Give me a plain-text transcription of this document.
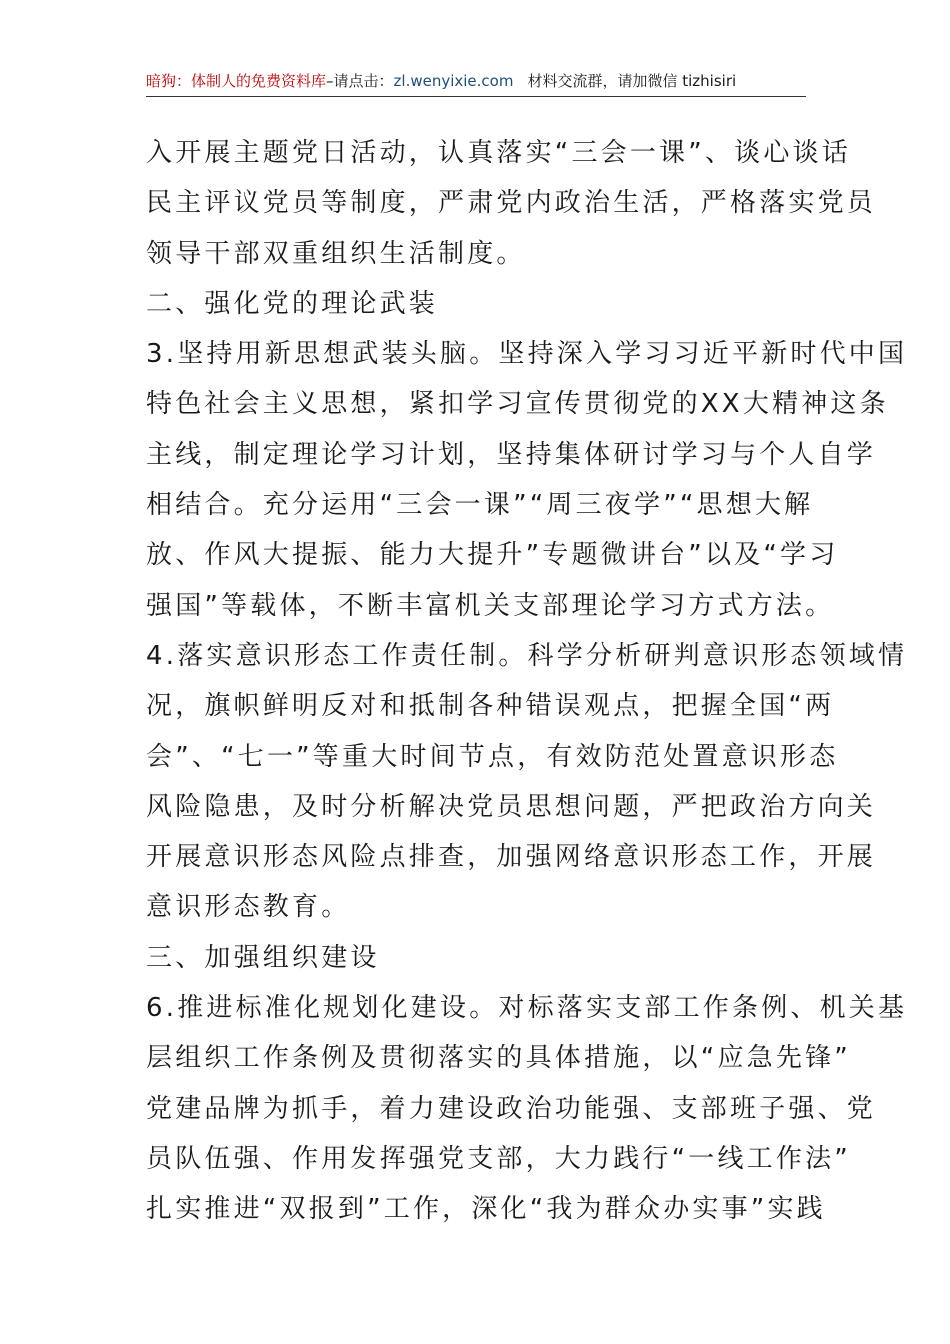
暗狗：体制人的免费资料库–请点击：zl.wenyixie.com 材料交流群，请加微信 tizhisiri
入开展主题党日活动，认真落实“三会一课”、谈心谈话
民主评议党员等制度，严肃党内政治生活，严格落实党员
领导干部双重组织生活制度。
二、强化党的理论武装
3.坚持用新思想武装头脑。坚持深入学习习近平新时代中国
特色社会主义思想，紧扣学习宣传贯彻党的XX大精神这条
主线，制定理论学习计划，坚持集体研讨学习与个人自学
相结合。充分运用“三会一课”“周三夜学”“思想大解
放、作风大提振、能力大提升”专题微讲台”以及“学习
强国”等载体，不断丰富机关支部理论学习方式方法。
4.落实意识形态工作责任制。科学分析研判意识形态领域情
况，旗帜鲜明反对和抵制各种错误观点，把握全国“两
会”、“七一”等重大时间节点，有效防范处置意识形态
风险隐患，及时分析解决党员思想问题，严把政治方向关
开展意识形态风险点排查，加强网络意识形态工作，开展
意识形态教育。
三、加强组织建设
6.推进标准化规划化建设。对标落实支部工作条例、机关基
层组织工作条例及贯彻落实的具体措施，以“应急先锋”
党建品牌为抓手，着力建设政治功能强、支部班子强、党
员队伍强、作用发挥强党支部，大力践行“一线工作法”
扎实推进“双报到”工作，深化“我为群众办实事”实践
